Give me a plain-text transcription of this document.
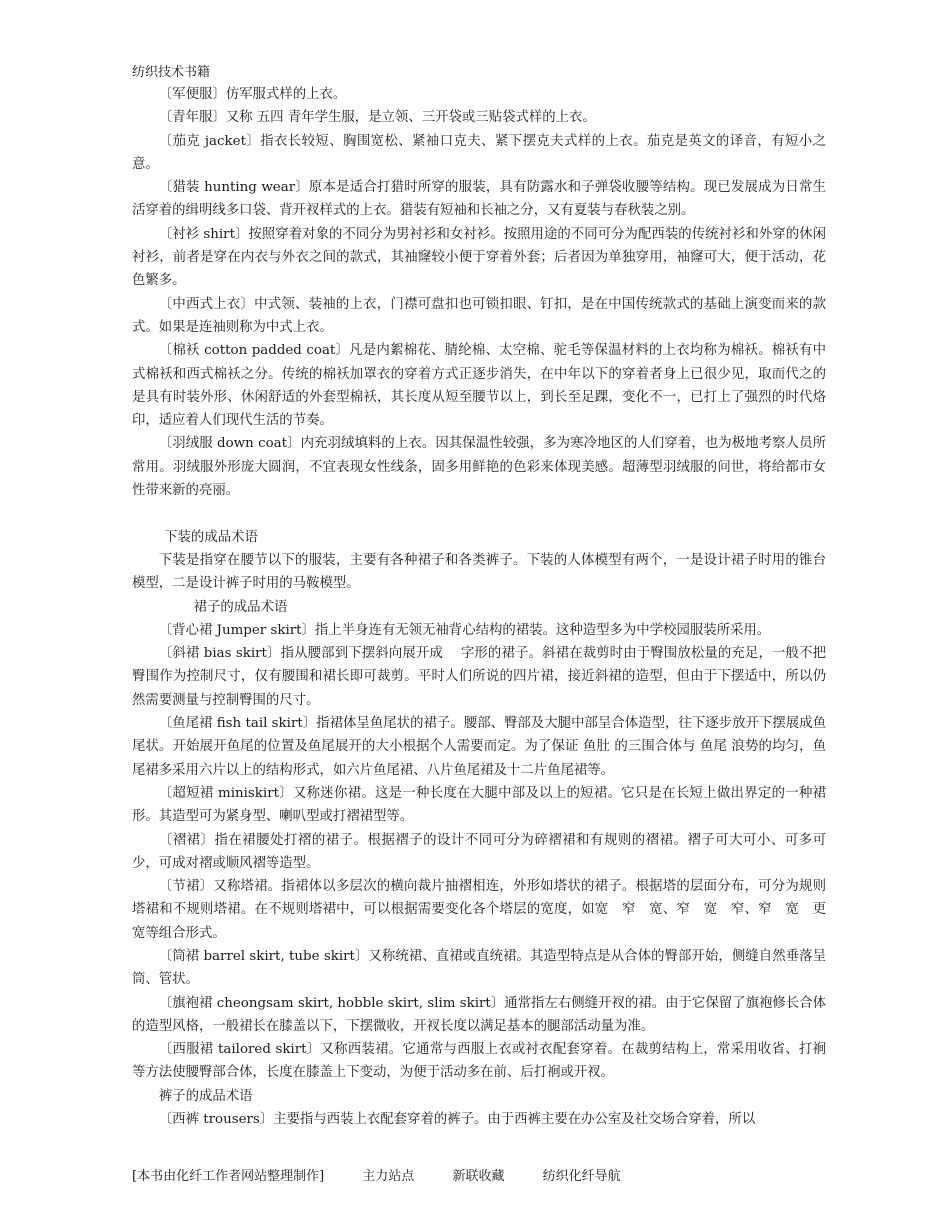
纺织技术书籍

〔军便服〕仿军服式样的上衣。

〔青年服〕又称 五四 青年学生服，是立领、三开袋或三贴袋式样的上衣。

〔茄克 jacket〕指衣长较短、胸围宽松、紧袖口克夫、紧下摆克夫式样的上衣。茄克是英文的译音，有短小之意。

〔猎装 hunting wear〕原本是适合打猎时所穿的服装，具有防露水和子弹袋收腰等结构。现已发展成为日常生活穿着的缉明线多口袋、背开衩样式的上衣。猎装有短袖和长袖之分，又有夏装与春秋装之别。

〔衬衫 shirt〕按照穿着对象的不同分为男衬衫和女衬衫。按照用途的不同可分为配西装的传统衬衫和外穿的休闲衬衫，前者是穿在内衣与外衣之间的款式，其袖窿较小便于穿着外套；后者因为单独穿用，袖窿可大，便于活动，花色繁多。

〔中西式上衣〕中式领、装袖的上衣，门襟可盘扣也可锁扣眼、钉扣，是在中国传统款式的基础上演变而来的款式。如果是连袖则称为中式上衣。

〔棉袄 cotton padded coat〕凡是内絮棉花、腈纶棉、太空棉、驼毛等保温材料的上衣均称为棉袄。棉袄有中式棉袄和西式棉袄之分。传统的棉袄加罩衣的穿着方式正逐步消失，在中年以下的穿着者身上已很少见，取而代之的是具有时装外形、休闲舒适的外套型棉袄，其长度从短至腰节以上，到长至足踝，变化不一，已打上了强烈的时代烙印，适应着人们现代生活的节奏。

〔羽绒服 down coat〕内充羽绒填料的上衣。因其保温性较强，多为寒冷地区的人们穿着，也为极地考察人员所常用。羽绒服外形庞大圆润，不宜表现女性线条，固多用鲜艳的色彩来体现美感。超薄型羽绒服的问世，将给都市女性带来新的亮丽。

下装的成品术语

下装是指穿在腰节以下的服装，主要有各种裙子和各类裤子。下装的人体模型有两个，一是设计裙子时用的锥台模型，二是设计裤子时用的马鞍模型。

裙子的成品术语

〔背心裙 Jumper skirt〕指上半身连有无领无袖背心结构的裙装。这种造型多为中学校园服装所采用。

〔斜裙 bias skirt〕指从腰部到下摆斜向展开成　 字形的裙子。斜裙在裁剪时由于臀围放松量的充足，一般不把臀围作为控制尺寸，仅有腰围和裙长即可裁剪。平时人们所说的四片裙，接近斜裙的造型，但由于下摆适中，所以仍然需要测量与控制臀围的尺寸。

〔鱼尾裙 fish tail skirt〕指裙体呈鱼尾状的裙子。腰部、臀部及大腿中部呈合体造型，往下逐步放开下摆展成鱼尾状。开始展开鱼尾的位置及鱼尾展开的大小根据个人需要而定。为了保证 鱼肚 的三围合体与 鱼尾 浪势的均匀，鱼尾裙多采用六片以上的结构形式，如六片鱼尾裙、八片鱼尾裙及十二片鱼尾裙等。

〔超短裙 miniskirt〕又称迷你裙。这是一种长度在大腿中部及以上的短裙。它只是在长短上做出界定的一种裙形。其造型可为紧身型、喇叭型或打褶裙型等。

〔褶裙〕指在裙腰处打褶的裙子。根据褶子的设计不同可分为碎褶裙和有规则的褶裙。褶子可大可小、可多可少，可成对褶或顺风褶等造型。

〔节裙〕又称塔裙。指裙体以多层次的横向裁片抽褶相连，外形如塔状的裙子。根据塔的层面分布，可分为规则塔裙和不规则塔裙。在不规则塔裙中，可以根据需要变化各个塔层的宽度，如宽　窄　宽、窄　宽　窄、窄　宽　更宽等组合形式。

〔筒裙 barrel skirt, tube skirt〕又称统裙、直裙或直统裙。其造型特点是从合体的臀部开始，侧缝自然垂落呈筒、管状。

〔旗袍裙 cheongsam skirt, hobble skirt, slim skirt〕通常指左右侧缝开衩的裙。由于它保留了旗袍修长合体的造型风格，一般裙长在膝盖以下，下摆微收，开衩长度以满足基本的腿部活动量为准。

〔西服裙 tailored skirt〕又称西装裙。它通常与西服上衣或衬衣配套穿着。在裁剪结构上，常采用收省、打裥等方法使腰臀部合体，长度在膝盖上下变动，为便于活动多在前、后打裥或开衩。

裤子的成品术语

〔西裤 trousers〕主要指与西装上衣配套穿着的裤子。由于西裤主要在办公室及社交场合穿着，所以

[本书由化纤工作者网站整理制作]	主力站点	新联收藏	纺织化纤导航
